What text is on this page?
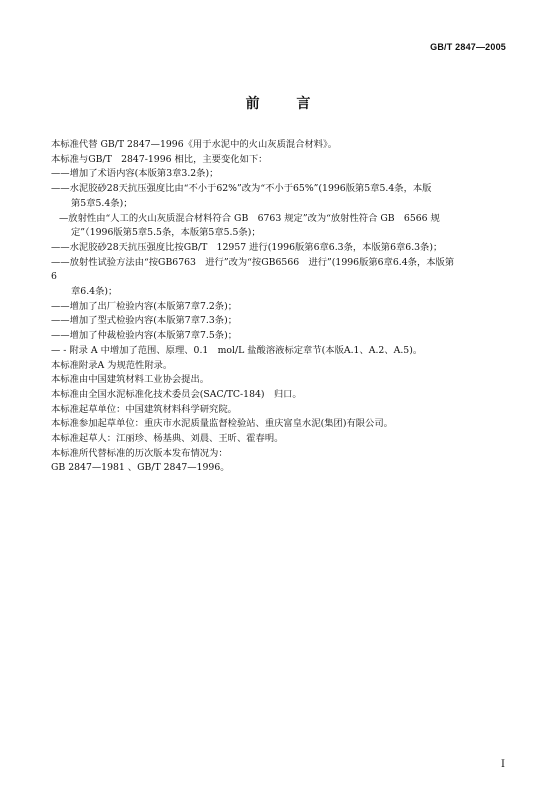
GB/T 2847—2005
前 言
本标准代替 GB/T 2847—1996《用于水泥中的火山灰质混合材料》。
本标准与GB/T　2847-1996 相比，主要变化如下：
——增加了术语内容(本版第3章3.2条)；
——水泥胶砂28天抗压强度比由“不小于62%”改为“不小于65%”(1996版第5章5.4条，本版
第5章5.4条)；
—放射性由“人工的火山灰质混合材料符合 GB　6763 规定”改为“放射性符合 GB　6566 规
定”（1996版第5章5.5条，本版第5章5.5条)；
——水泥胶砂28天抗压强度比按GB/T　12957 进行(1996版第6章6.3条，本版第6章6.3条)；
——放射性试验方法由“按GB6763　进行”改为“按GB6566　进行”(1996版第6章6.4条，本版第
6
章6.4条)；
——增加了出厂检验内容(本版第7章7.2条)；
——增加了型式检验内容(本版第7章7.3条)；
——增加了仲裁检验内容(本版第7章7.5条)；
— - 附录 A 中增加了范围、原理、0.1　mol/L 盐酸溶液标定章节(本版A.1、A.2、A.5)。
本标准附录A 为规范性附录。
本标准由中国建筑材料工业协会提出。
本标准由全国水泥标准化技术委员会(SAC/TC-184)　归口。
本标准起草单位：中国建筑材料科学研究院。
本标准参加起草单位：重庆市水泥质量监督检验站、重庆富皇水泥(集团)有限公司。
本标准起草人：江丽珍、杨基典、刘晨、王昕、霍春明。
本标准所代替标准的历次版本发布情况为：
GB 2847—1981 、GB/T 2847—1996。
I
